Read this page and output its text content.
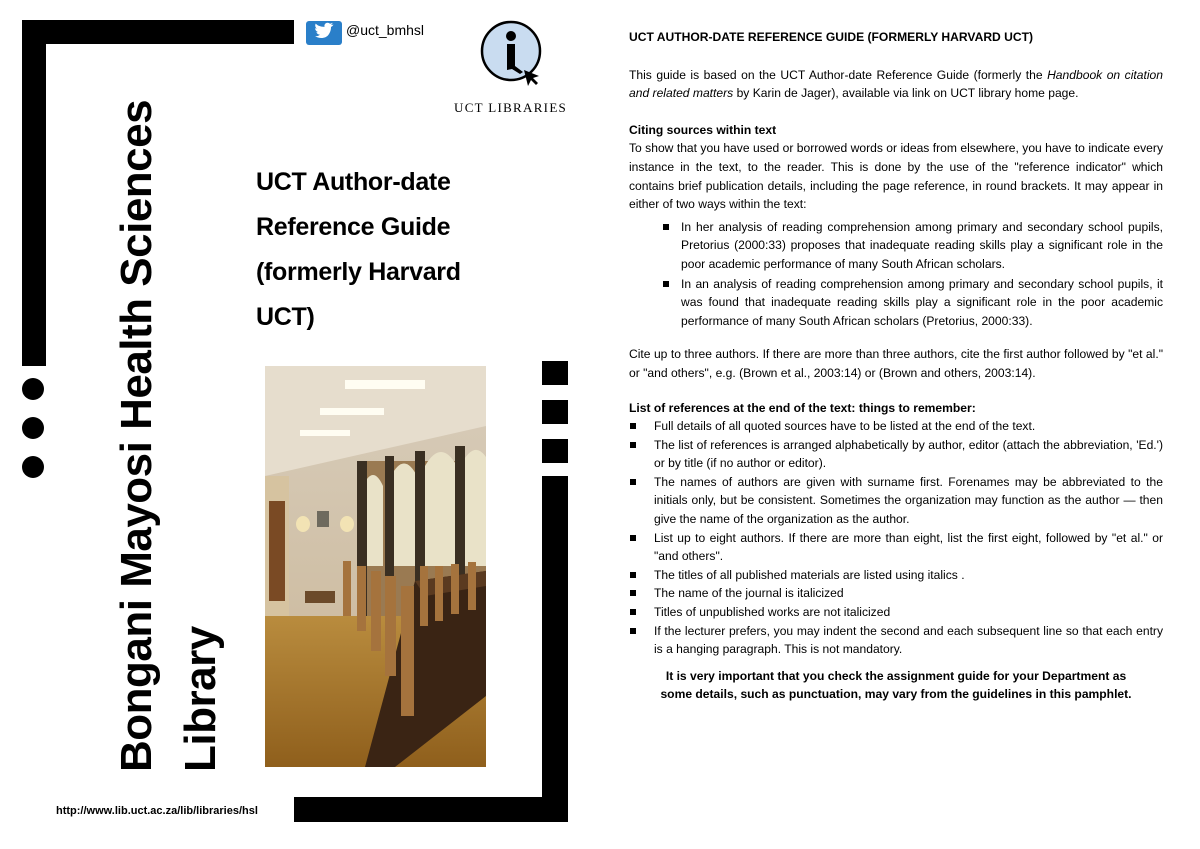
@uct_bmhsl
UCT LIBRARIES
Bongani Mayosi Health Sciences Library
UCT Author-date
Reference Guide
(formerly Harvard
UCT)
http://www.lib.uct.ac.za/lib/libraries/hsl

UCT AUTHOR-DATE REFERENCE GUIDE (FORMERLY HARVARD UCT)

This guide is based on the UCT Author-date Reference Guide (formerly the Handbook on citation and related matters by Karin de Jager), available via link on UCT library home page.

Citing sources within text

To show that you have used or borrowed words or ideas from elsewhere, you have to indicate every instance in the text, to the reader. This is done by the use of the "reference indicator" which contains brief publication details, including the page reference, in round brackets. It may appear in either of two ways within the text:

In her analysis of reading comprehension among primary and secondary school pupils, Pretorius (2000:33) proposes that inadequate reading skills play a significant role in the poor academic performance of many South African scholars.
In an analysis of reading comprehension among primary and secondary school pupils, it was found that inadequate reading skills play a significant role in the poor academic performance of many South African scholars (Pretorius, 2000:33).

Cite up to three authors. If there are more than three authors, cite the first author followed by "et al." or "and others", e.g. (Brown et al., 2003:14) or (Brown and others, 2003:14).

List of references at the end of the text: things to remember:

Full details of all quoted sources have to be listed at the end of the text.
The list of references is arranged alphabetically by author, editor (attach the abbreviation, 'Ed.') or by title (if no author or editor).
The names of authors are given with surname first. Forenames may be abbreviated to the initials only, but be consistent. Sometimes the organization may function as the author — then give the name of the organization as the author.
List up to eight authors. If there are more than eight, list the first eight, followed by "et al." or "and others".
The titles of all published materials are listed using italics .
The name of the journal is italicized
Titles of unpublished works are not italicized
If the lecturer prefers, you may indent the second and each subsequent line so that each entry is a hanging paragraph. This is not mandatory.

It is very important that you check the assignment guide for your Department as some details, such as punctuation, may vary from the guidelines in this pamphlet.
